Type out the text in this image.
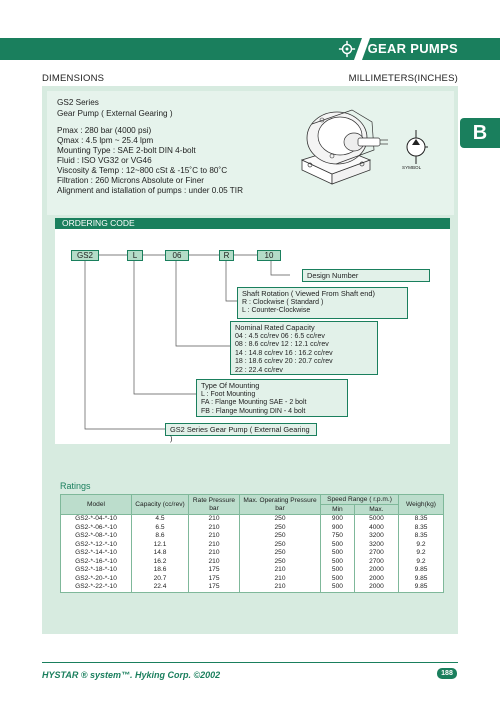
GEAR PUMPS
DIMENSIONS	MILLIMETERS(INCHES)
B
GS2 Series
Gear Pump ( External Gearing )
Pmax : 280 bar (4000 psi)
Qmax : 4.5 lpm ~ 25.4 lpm
Mounting Type : SAE 2-bolt DIN 4-bolt
Fluid : ISO VG32 or VG46
Viscosity & Temp : 12~800 cSt & -15˚C to 80˚C
Filtration : 260 Microns Absolute or Finer
Alignment and istallation of pumps : under 0.05 TIR
SYMBOL
ORDERING CODE
GS2	L	06	R	10
Design Number
Shaft Rotation ( Viewed From Shaft end)
R : Clockwise ( Standard )
L : Counter-Clockwise
Nominal Rated Capacity
04 : 4.5 cc/rev 06 : 6.5 cc/rev
08 : 8.6 cc/rev 12 : 12.1 cc/rev
14 : 14.8 cc/rev 16 : 16.2 cc/rev
18 : 18.6 cc/rev 20 : 20.7 cc/rev
22 : 22.4 cc/rev
Type Of Mounting
L : Foot Mounting
FA : Flange Mounting SAE - 2 bolt
FB : Flange Mounting DIN - 4 bolt
GS2 Series Gear Pump ( External Gearing )
Ratings
Model	Capacity (cc/rev)	Rate Pressure bar	Max. Operating Pressure bar	Speed Range ( r.p.m.)		Weigh(kg)
				Min	Max.	
GS2-*-04-*-10	4.5	210	250	900	5000	8.35
GS2-*-06-*-10	6.5	210	250	900	4000	8.35
GS2-*-08-*-10	8.6	210	250	750	3200	8.35
GS2-*-12-*-10	12.1	210	250	500	3200	9.2
GS2-*-14-*-10	14.8	210	250	500	2700	9.2
GS2-*-16-*-10	16.2	210	250	500	2700	9.2
GS2-*-18-*-10	18.6	175	210	500	2000	9.85
GS2-*-20-*-10	20.7	175	210	500	2000	9.85
GS2-*-22-*-10	22.4	175	210	500	2000	9.85
HYSTAR ® system™. Hyking Corp. ©2002	188
